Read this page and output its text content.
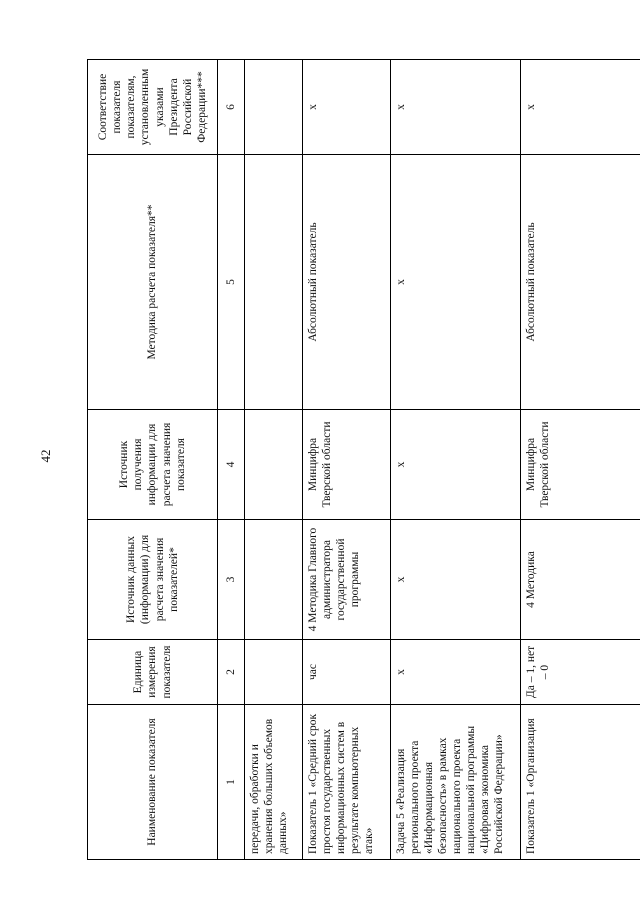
42
Наименование показателя	Единица измерения показателя	Источник данных (информации) для расчета значения показателей*	Источник получения информации для расчета значения показателя	Методика расчета показателя**	Соответствие показателя показателям, установленным указами Президента Российской Федерации***
1	2	3	4	5	6
передачи, обработки и хранения больших объемов данных»					
Показатель 1 «Средний срок простоя государственных информационных систем в результате компьютерных атак»	час	4 Методика Главного администратора государственной программы	Минцифра Тверской области	Абсолютный показатель	x
Задача 5 «Реализация регионального проекта «Информационная безопасность» в рамках национального проекта национальной программы «Цифровая экономика Российской Федерации»	x	x	x	x	x
Показатель 1 «Организация	Да – 1, нет – 0	4 Методика	Минцифра Тверской области	Абсолютный показатель	x
